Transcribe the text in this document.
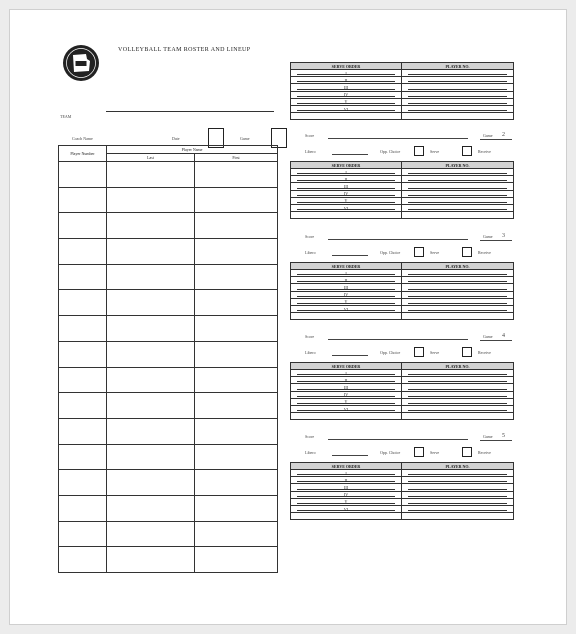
VOLLEYBALL TEAM ROSTER AND LINEUP
TEAM
Coach Name	Date	Game
Player Number	Player Name	
	Last	First

SERVE ORDER	PLAYER NO.
I

II

III

IV

V

VI

Score	Game 2
Libero	Opp. Choice	Serve	Receive
SERVE ORDER	PLAYER NO.
I

II

III

IV

V

VI

Score	Game 3
Libero	Opp. Choice	Serve	Receive
SERVE ORDER	PLAYER NO.
I

II

III

IV

V

VI

Score	Game 4
Libero	Opp. Choice	Serve	Receive
SERVE ORDER	PLAYER NO.
I

II

III

IV

V

VI

Score	Game 5
Libero	Opp. Choice	Serve	Receive
SERVE ORDER	PLAYER NO.
I

II

III

IV

V

VI
